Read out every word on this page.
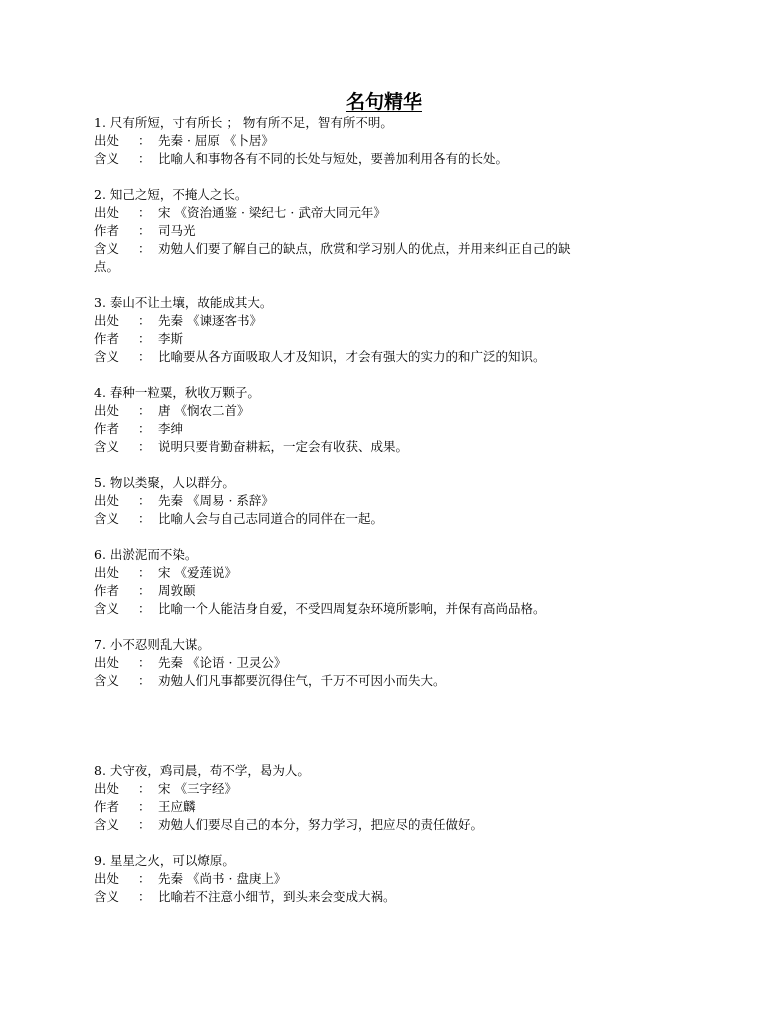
名句精华
1. 尺有所短，寸有所长 ； 物有所不足，智有所不明。
出处 ： 先秦 · 屈原 《卜居》
含义 ： 比喻人和事物各有不同的长处与短处，要善加利用各有的长处。
2. 知己之短，不掩人之长。
出处 ： 宋 《资治通鉴 · 梁纪七 · 武帝大同元年》
作者 ： 司马光
含义 ： 劝勉人们要了解自己的缺点，欣赏和学习别人的优点，并用来纠正自己的缺
点。
3. 泰山不让土壤，故能成其大。
出处 ： 先秦 《谏逐客书》
作者 ： 李斯
含义 ： 比喻要从各方面吸取人才及知识，才会有强大的实力的和广泛的知识。
4. 春种一粒粟，秋收万颗子。
出处 ： 唐 《悯农二首》
作者 ： 李绅
含义 ： 说明只要肯勤奋耕耘，一定会有收获、成果。
5. 物以类聚，人以群分。
出处 ： 先秦 《周易 · 系辞》
含义 ： 比喻人会与自己志同道合的同伴在一起。
6. 出淤泥而不染。
出处 ： 宋 《爱莲说》
作者 ： 周敦颐
含义 ： 比喻一个人能洁身自爱，不受四周复杂环境所影响，并保有高尚品格。
7. 小不忍则乱大谋。
出处 ： 先秦 《论语 · 卫灵公》
含义 ： 劝勉人们凡事都要沉得住气，千万不可因小而失大。
8. 犬守夜，鸡司晨，苟不学，曷为人。
出处 ： 宋 《三字经》
作者 ： 王应麟
含义 ： 劝勉人们要尽自己的本分，努力学习，把应尽的责任做好。
9. 星星之火，可以燎原。
出处 ： 先秦 《尚书 · 盘庚上》
含义 ： 比喻若不注意小细节，到头来会变成大祸。
